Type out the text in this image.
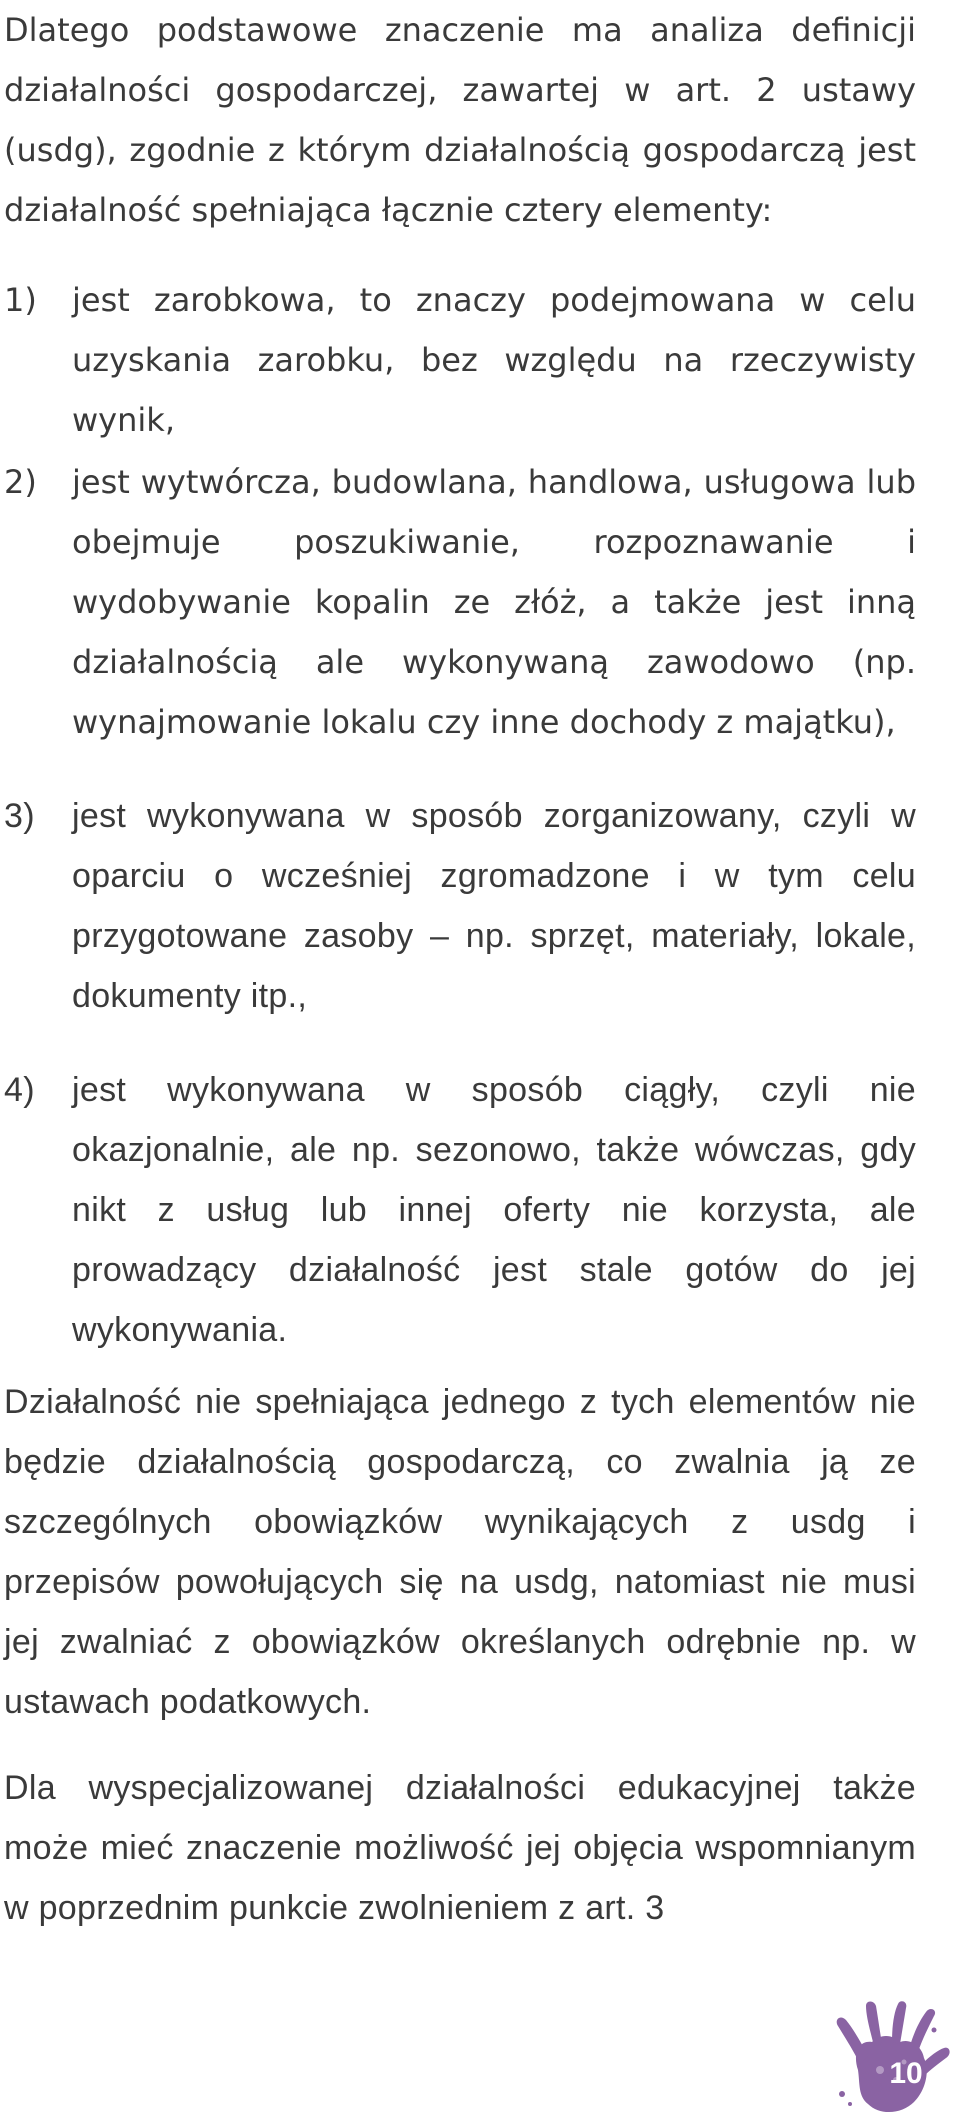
Dlatego podstawowe znaczenie ma analiza definicji działalności gospodarczej, zawartej w art. 2 ustawy (usdg), zgodnie z którym działalnością gospodarczą jest działalność spełniająca łącznie cztery elementy:

1)	jest zarobkowa, to znaczy podejmowana w celu uzyskania zarobku, bez względu na rzeczywisty wynik,
2)	jest wytwórcza, budowlana, handlowa, usługowa lub obejmuje poszukiwanie, rozpoznawanie i wydobywanie kopalin ze złóż, a także jest inną działalnością ale wykonywaną zawodowo (np. wynajmowanie lokalu czy inne dochody z majątku),
3)	jest wykonywana w sposób zorganizowany, czyli w oparciu o wcześniej zgromadzone i w tym celu przygotowane zasoby – np. sprzęt, materiały, lokale, dokumenty itp.,
4)	jest wykonywana w sposób ciągły, czyli nie okazjonalnie, ale np. sezonowo, także wówczas, gdy nikt z usług lub innej oferty nie korzysta, ale prowadzący działalność jest stale gotów do jej wykonywania.

Działalność nie spełniająca jednego z tych elementów nie będzie działalnością gospodarczą, co zwalnia ją ze szczególnych obowiązków wynikających z usdg i przepisów powołujących się na usdg, natomiast nie musi jej zwalniać z obowiązków określanych odrębnie np. w ustawach podatkowych.

Dla wyspecjalizowanej działalności edukacyjnej także może mieć znaczenie możliwość jej objęcia wspomnianym w poprzednim punkcie zwolnieniem z art. 3

10
